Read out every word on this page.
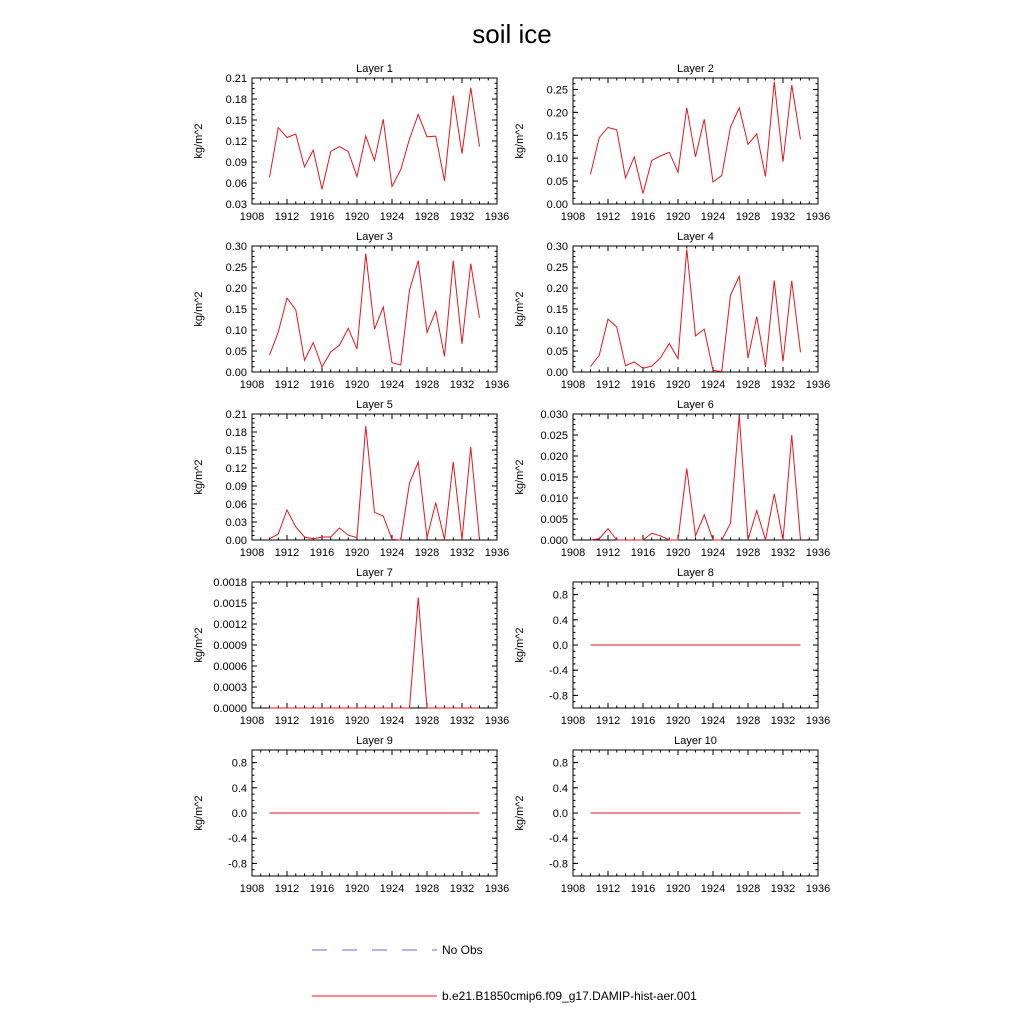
soil ice
Layer 1
kg/m^2
1908 1912 1916 1920 1924 1928 1932 1936
0.03
0.06
0.09
0.12
0.15
0.18
0.21
Layer 2
kg/m^2
1908 1912 1916 1920 1924 1928 1932 1936
0.00
0.05
0.10
0.15
0.20
0.25
Layer 3
kg/m^2
1908 1912 1916 1920 1924 1928 1932 1936
0.00
0.05
0.10
0.15
0.20
0.25
0.30
Layer 4
kg/m^2
1908 1912 1916 1920 1924 1928 1932 1936
0.00
0.05
0.10
0.15
0.20
0.25
0.30
Layer 5
kg/m^2
1908 1912 1916 1920 1924 1928 1932 1936
0.00
0.03
0.06
0.09
0.12
0.15
0.18
0.21
Layer 6
kg/m^2
1908 1912 1916 1920 1924 1928 1932 1936
0.000
0.005
0.010
0.015
0.020
0.025
0.030
Layer 7
kg/m^2
1908 1912 1916 1920 1924 1928 1932 1936
0.0000
0.0003
0.0006
0.0009
0.0012
0.0015
0.0018
Layer 8
kg/m^2
1908 1912 1916 1920 1924 1928 1932 1936
-0.8
-0.4
0.0
0.4
0.8
Layer 9
kg/m^2
1908 1912 1916 1920 1924 1928 1932 1936
-0.8
-0.4
0.0
0.4
0.8
Layer 10
kg/m^2
1908 1912 1916 1920 1924 1928 1932 1936
-0.8
-0.4
0.0
0.4
0.8
No Obs
b.e21.B1850cmip6.f09_g17.DAMIP-hist-aer.001
